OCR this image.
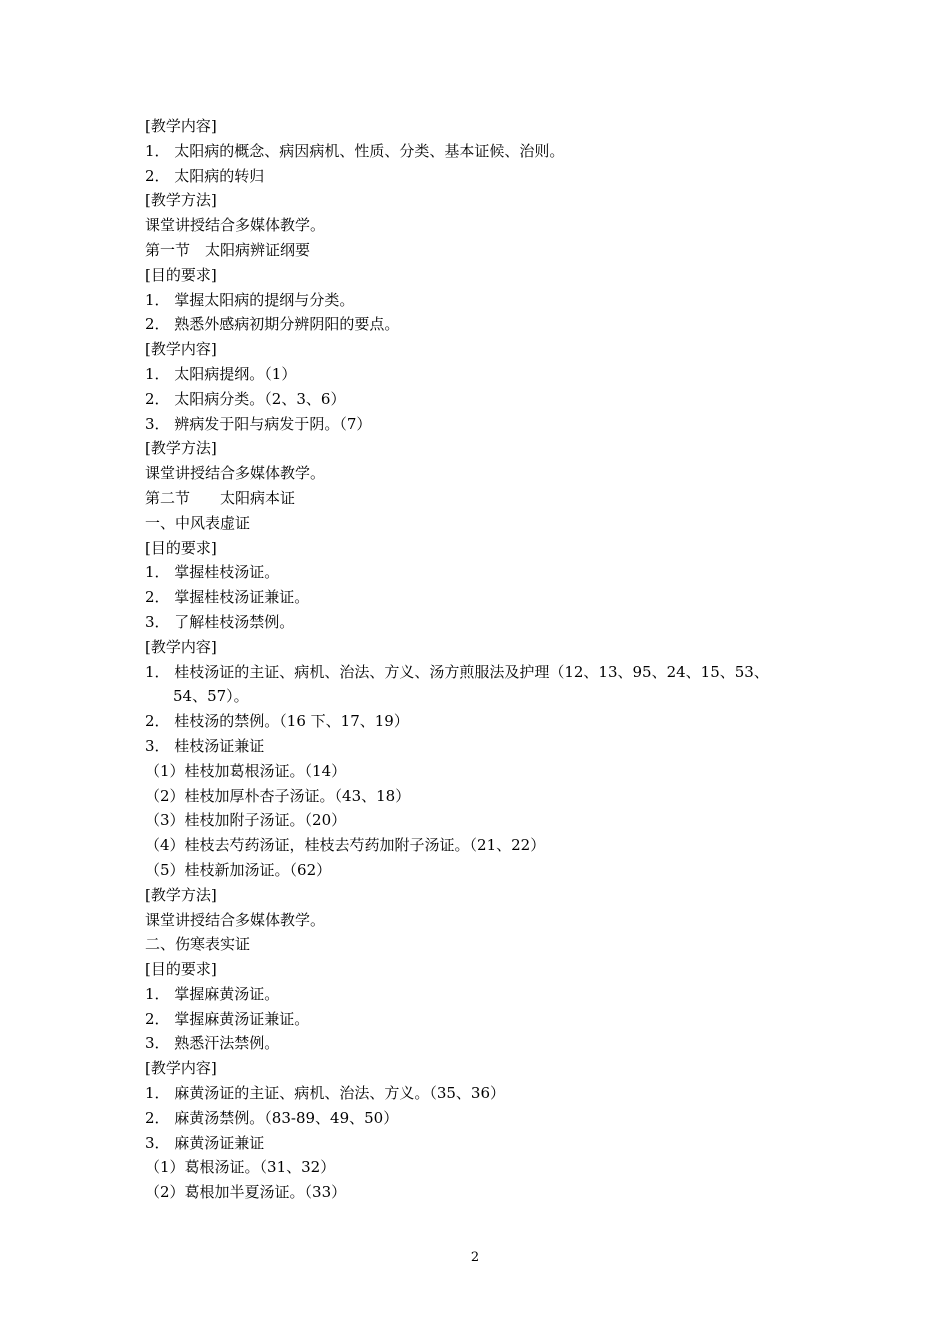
[教学内容]
1． 太阳病的概念、病因病机、性质、分类、基本证候、治则。
2． 太阳病的转归
[教学方法]
课堂讲授结合多媒体教学。
第一节　太阳病辨证纲要
[目的要求]
1． 掌握太阳病的提纲与分类。
2． 熟悉外感病初期分辨阴阳的要点。
[教学内容]
1． 太阳病提纲。（1）
2． 太阳病分类。（2、3、6）
3． 辨病发于阳与病发于阴。（7）
[教学方法]
课堂讲授结合多媒体教学。
第二节　　太阳病本证
一、中风表虚证
[目的要求]
1． 掌握桂枝汤证。
2． 掌握桂枝汤证兼证。
3． 了解桂枝汤禁例。
[教学内容]
1． 桂枝汤证的主证、病机、治法、方义、汤方煎服法及护理（12、13、95、24、15、53、
54、57）。
2． 桂枝汤的禁例。（16 下、17、19）
3． 桂枝汤证兼证
（1）桂枝加葛根汤证。（14）
（2）桂枝加厚朴杏子汤证。（43、18）
（3）桂枝加附子汤证。（20）
（4）桂枝去芍药汤证，桂枝去芍药加附子汤证。（21、22）
（5）桂枝新加汤证。（62）
[教学方法]
课堂讲授结合多媒体教学。
二、伤寒表实证
[目的要求]
1． 掌握麻黄汤证。
2． 掌握麻黄汤证兼证。
3． 熟悉汗法禁例。
[教学内容]
1． 麻黄汤证的主证、病机、治法、方义。（35、36）
2． 麻黄汤禁例。（83-89、49、50）
3． 麻黄汤证兼证
（1）葛根汤证。（31、32）
（2）葛根加半夏汤证。（33）
2
